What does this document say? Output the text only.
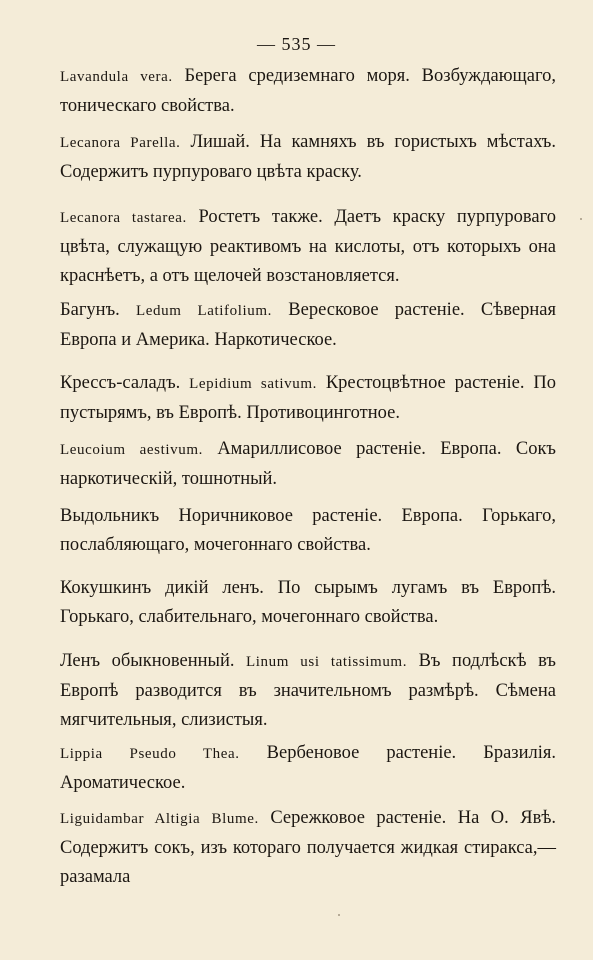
— 535 —

Lavandula vera. Берега средиземнаго моря. Возбуждающаго, тоническаго свойства.

Lecanora Parella. Лишай. На камняхъ въ гористыхъ мѣстахъ. Содержитъ пурпуроваго цвѣта краску.

Lecanora tastarea. Ростетъ также. Даетъ краску пурпуроваго цвѣта, служащую реактивомъ на кислоты, отъ которыхъ она краснѣетъ, а отъ щелочей возстановляется.

Багунъ. Ledum Latifolium. Вересковое растеніе. Сѣверная Европа и Америка. Наркотическое.

Крессъ-саладъ. Lepidium sativum. Крестоцвѣтное растеніе. По пустырямъ, въ Европѣ. Противоцинготное.

Leucoium aestivum. Амариллисовое растеніе. Европа. Сокъ наркотическій, тошнотный.

Выдольникъ Норичниковое растеніе. Европа. Горькаго, послабляющаго, мочегоннаго свойства.

Кокушкинъ дикій ленъ. По сырымъ лугамъ въ Европѣ. Горькаго, слабительнаго, мочегоннаго свойства.

Ленъ обыкновенный. Linum usi tatissimum. Въ подлѣскѣ въ Европѣ разводится въ значительномъ размѣрѣ. Сѣмена мягчительныя, слизистыя.

Lippia Pseudo Thea. Вербеновое растеніе. Бразилія. Ароматическое.

Liguidambar Altigia Blume. Сережковое растеніе. На О. Явѣ. Содержитъ сокъ, изъ котораго получается жидкая стиракса,—разамала
